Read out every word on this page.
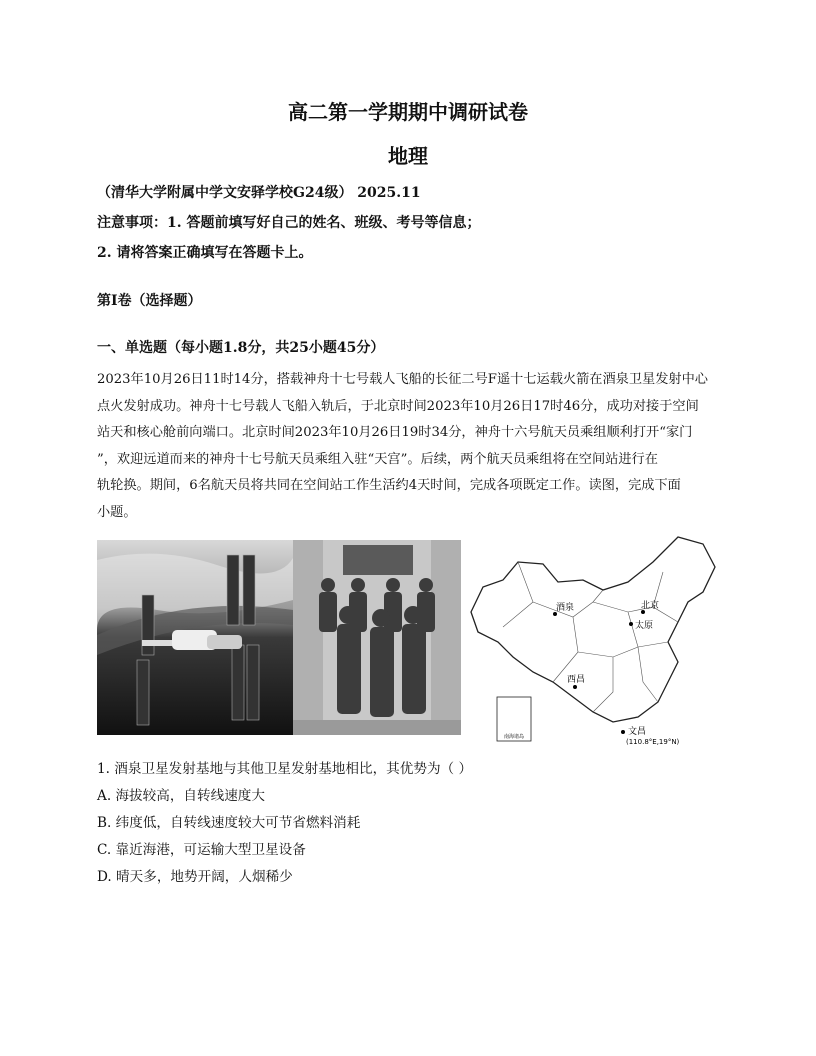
高二第一学期期中调研试卷
地理
（清华大学附属中学文安驿学校G24级） 2025.11
注意事项：1. 答题前填写好自己的姓名、班级、考号等信息；
2. 请将答案正确填写在答题卡上。
第I卷（选择题）
一、单选题（每小题1.8分，共25小题45分）
2023年10月26日11时14分，搭载神舟十七号载人飞船的长征二号F遥十七运载火箭在酒泉卫星发射中心
点火发射成功。神舟十七号载人飞船入轨后，于北京时间2023年10月26日17时46分，成功对接于空间
站天和核心舱前向端口。北京时间2023年10月26日19时34分，神舟十六号航天员乘组顺利打开“家门
”，欢迎远道而来的神舟十七号航天员乘组入驻“天宫”。后续，两个航天员乘组将在空间站进行在
轨轮换。期间，6名航天员将共同在空间站工作生活约4天时间，完成各项既定工作。读图，完成下面
小题。
南海诸岛
酒泉	北京
太原
西昌
文昌
(110.8°E,19°N)
1. 酒泉卫星发射基地与其他卫星发射基地相比，其优势为（ ）
A. 海拔较高，自转线速度大
B. 纬度低，自转线速度较大可节省燃料消耗
C. 靠近海港，可运输大型卫星设备
D. 晴天多，地势开阔，人烟稀少
